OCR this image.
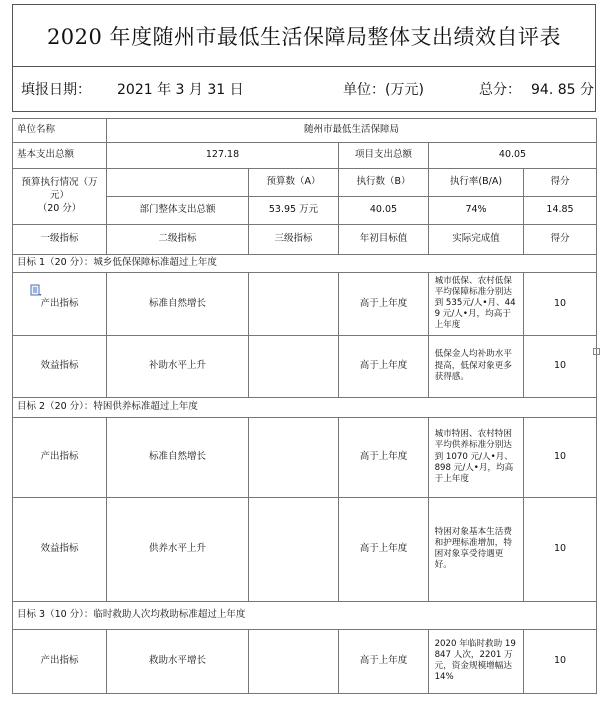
2020 年度随州市最低生活保障局整体支出绩效自评表
填报日期： 2021 年 3 月 31 日	单位：(万元)	总分： 94. 85 分
单位名称	随州市最低生活保障局				
基本支出总额	127.18		项目支出总额	40.05	

预算执行情况（万元）
（20 分）		预算数（A）	执行数（B）	执行率(B/A)	得分
	部门整体支出总额	53.95 万元	40.05	74%	14.85
一级指标	二级指标	三级指标	年初目标值	实际完成值	得分
目标 1（20 分）：城乡低保保障标准超过上年度					
产出指标	标准自然增长		高于上年度	城市低保、农村低保平均保障标准分别达到 535元/人•月、449 元/人•月，均高于上年度	10
效益指标	补助水平上升		高于上年度	低保金人均补助水平提高，低保对象更多获得感。	10
目标 2（20 分）：特困供养标准超过上年度					
产出指标	标准自然增长		高于上年度	城市特困、农村特困平均供养标准分别达到 1070 元/人•月、898 元/人•月，均高于上年度	10
效益指标	供养水平上升		高于上年度	特困对象基本生活费和护理标准增加，特困对象享受待遇更好。	10
目标 3（10 分）：临时救助人次均救助标准超过上年度					
产出指标	救助水平增长		高于上年度	2020 年临时救助 19847 人次，2201 万元，资金规模增幅达 14%	10
